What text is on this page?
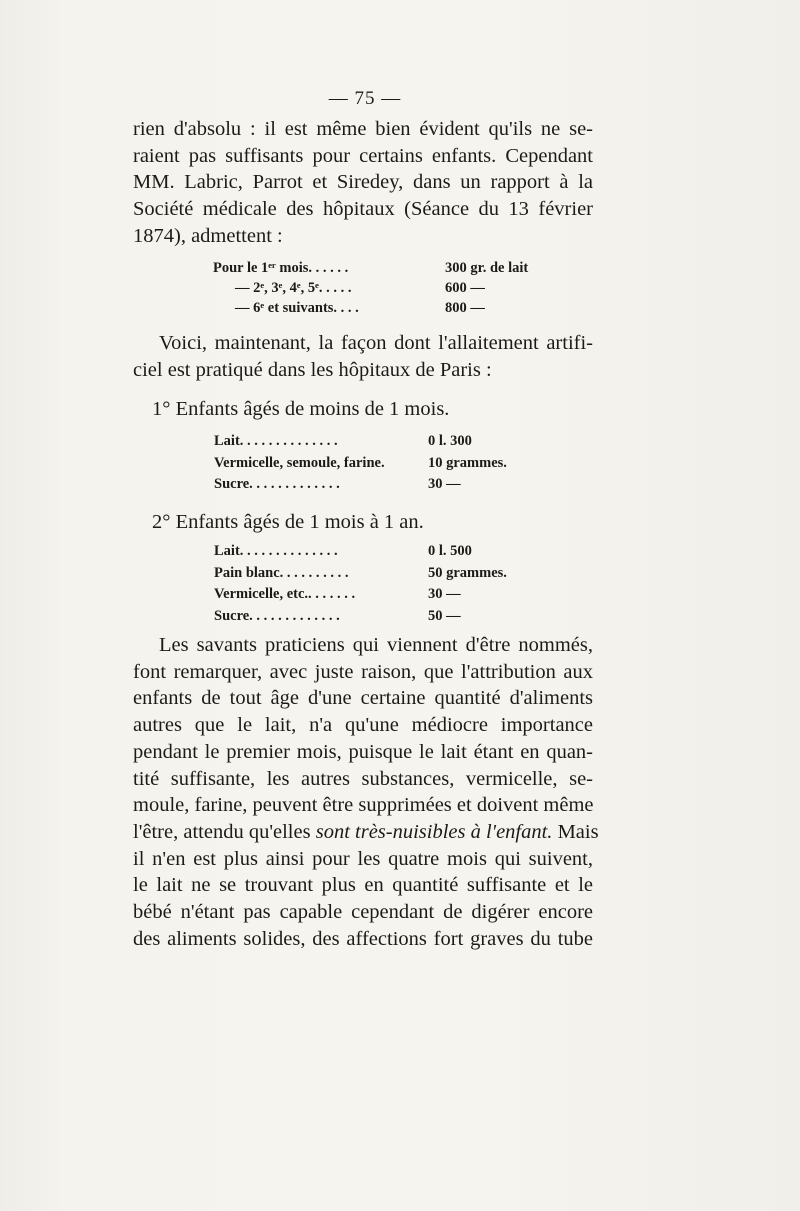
— 75 —
rien d'absolu : il est même bien évident qu'ils ne se-
raient pas suffisants pour certains enfants. Cependant
MM. Labric, Parrot et Siredey, dans un rapport à la
Société médicale des hôpitaux (Séance du 13 février
1874), admettent :
Pour le 1ᵉʳ mois. . . . . .	300 gr. de lait
— 2ᵉ, 3ᵉ, 4ᵉ, 5ᵉ. . . . .	600 —
— 6ᵉ et suivants. . . .	800 —
Voici, maintenant, la façon dont l'allaitement artifi-
ciel est pratiqué dans les hôpitaux de Paris :
1° Enfants âgés de moins de 1 mois.
Lait. . . . . . . . . . . . . .	0 l. 300
Vermicelle, semoule, farine.	10 grammes.
Sucre. . . . . . . . . . . . .	30 —
2° Enfants âgés de 1 mois à 1 an.
Lait. . . . . . . . . . . . . .	0 l. 500
Pain blanc. . . . . . . . . .	50 grammes.
Vermicelle, etc.. . . . . . .	30 —
Sucre. . . . . . . . . . . . .	50 —
Les savants praticiens qui viennent d'être nommés,
font remarquer, avec juste raison, que l'attribution aux
enfants de tout âge d'une certaine quantité d'aliments
autres que le lait, n'a qu'une médiocre importance
pendant le premier mois, puisque le lait étant en quan-
tité suffisante, les autres substances, vermicelle, se-
moule, farine, peuvent être supprimées et doivent même
l'être, attendu qu'elles sont très-nuisibles à l'enfant. Mais
il n'en est plus ainsi pour les quatre mois qui suivent,
le lait ne se trouvant plus en quantité suffisante et le
bébé n'étant pas capable cependant de digérer encore
des aliments solides, des affections fort graves du tube
